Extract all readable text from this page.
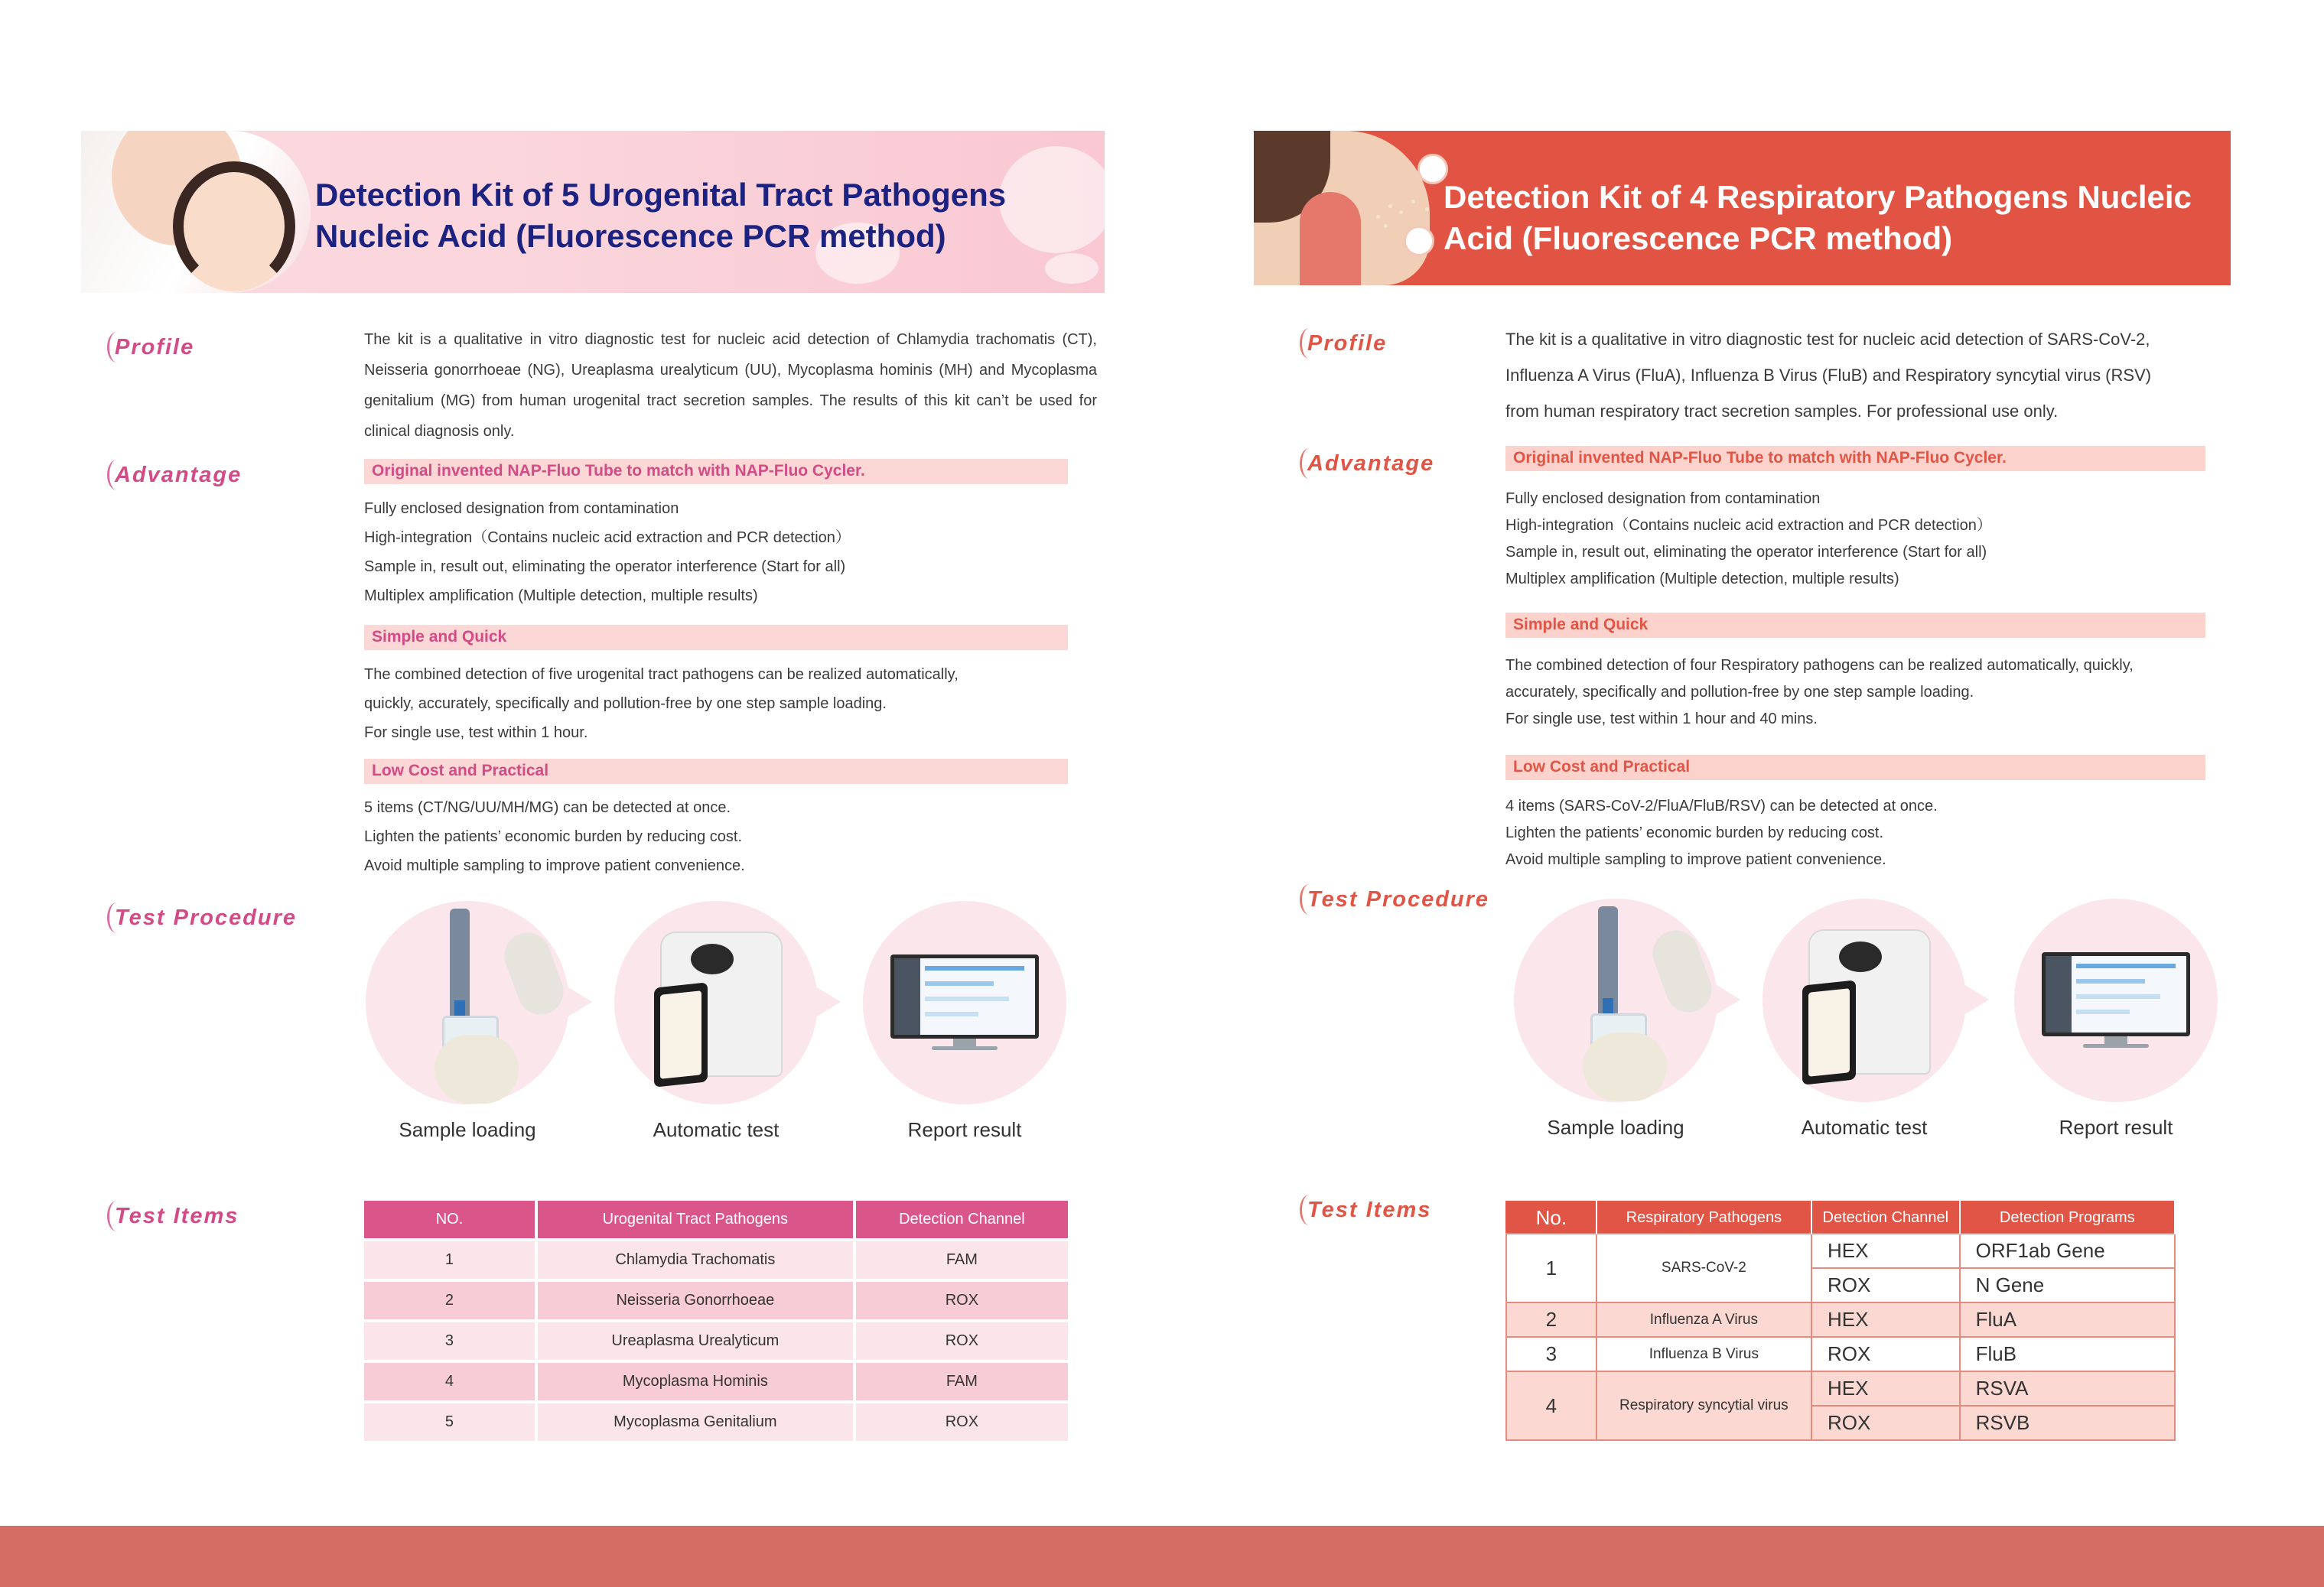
Detection Kit of 5 Urogenital Tract Pathogens
Nucleic Acid (Fluorescence PCR method)
Profile	The kit is a qualitative in vitro diagnostic test for nucleic acid detection of Chlamydia trachomatis (CT), Neisseria gonorrhoeae (NG), Ureaplasma urealyticum (UU), Mycoplasma hominis (MH) and Mycoplasma genitalium (MG) from human urogenital tract secretion samples. The results of this kit can’t be used for clinical diagnosis only.
Advantage	Original invented NAP-Fluo Tube to match with NAP-Fluo Cycler.
Fully enclosed designation from contamination
High-integration（Contains nucleic acid extraction and PCR detection）
Sample in, result out, eliminating the operator interference (Start for all)
Multiplex amplification (Multiple detection, multiple results)
Simple and Quick
The combined detection of five urogenital tract pathogens can be realized automatically,
quickly, accurately, specifically and pollution-free by one step sample loading.
For single use, test within 1 hour.
Low Cost and Practical
5 items (CT/NG/UU/MH/MG) can be detected at once.
Lighten the patients’ economic burden by reducing cost.
Avoid multiple sampling to improve patient convenience.
Test Procedure
Sample loading	Automatic test	Report result
Test Items	NO.	Urogenital Tract Pathogens	Detection Channel
1	Chlamydia Trachomatis	FAM
2	Neisseria Gonorrhoeae	ROX
3	Ureaplasma Urealyticum	ROX
4	Mycoplasma Hominis	FAM
5	Mycoplasma Genitalium	ROX
Detection Kit of 4 Respiratory Pathogens Nucleic
Acid (Fluorescence PCR method)
Profile	The kit is a qualitative in vitro diagnostic test for nucleic acid detection of SARS-CoV-2,
Influenza A Virus (FluA), Influenza B Virus (FluB) and Respiratory syncytial virus (RSV)
from human respiratory tract secretion samples. For professional use only.
Advantage	Original invented NAP-Fluo Tube to match with NAP-Fluo Cycler.
Fully enclosed designation from contamination
High-integration（Contains nucleic acid extraction and PCR detection）
Sample in, result out, eliminating the operator interference (Start for all)
Multiplex amplification (Multiple detection, multiple results)
Simple and Quick
The combined detection of four Respiratory pathogens can be realized automatically, quickly,
accurately, specifically and pollution-free by one step sample loading.
For single use, test within 1 hour and 40 mins.
Low Cost and Practical
4 items (SARS-CoV-2/FluA/FluB/RSV) can be detected at once.
Lighten the patients’ economic burden by reducing cost.
Avoid multiple sampling to improve patient convenience.
Test Procedure
Sample loading	Automatic test	Report result
Test Items	No.	Respiratory Pathogens	Detection Channel	Detection Programs
1	SARS-CoV-2	HEX	ORF1ab Gene
		ROX	N Gene
2	Influenza A Virus	HEX	FluA
3	Influenza B Virus	ROX	FluB
4	Respiratory syncytial virus	HEX	RSVA
		ROX	RSVB
